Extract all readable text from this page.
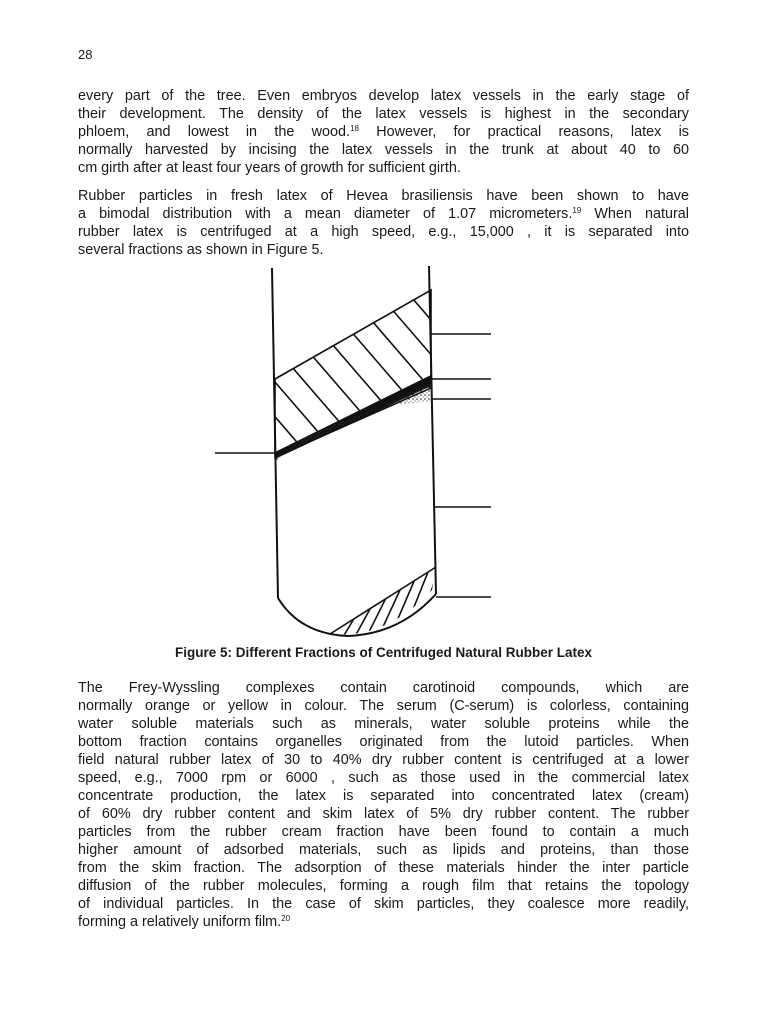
28

every part of the tree. Even embryos develop latex vessels in the early stage of
their development. The density of the latex vessels is highest in the secondary
phloem, and lowest in the wood.$^{18}$ However, for practical reasons, latex is
normally harvested by incising the latex vessels in the trunk at about 40 to 60
cm girth after at least four years of growth for sufficient girth.

Rubber particles in fresh latex of Hevea brasiliensis have been shown to have
a bimodal distribution with a mean diameter of 1.07 micrometers.$^{19}$ When natural
rubber latex is centrifuged at a high speed, e.g., 15,000 , it is separated into
several fractions as shown in Figure 5.

Figure 5: Different Fractions of Centrifuged Natural Rubber Latex

The Frey-Wyssling complexes contain carotinoid compounds, which are
normally orange or yellow in colour. The serum (C-serum) is colorless, containing
water soluble materials such as minerals, water soluble proteins while the
bottom fraction contains organelles originated from the lutoid particles. When
field natural rubber latex of 30 to 40% dry rubber content is centrifuged at a lower
speed, e.g., 7000 rpm or 6000 , such as those used in the commercial latex
concentrate production, the latex is separated into concentrated latex (cream)
of 60% dry rubber content and skim latex of 5% dry rubber content. The rubber
particles from the rubber cream fraction have been found to contain a much
higher amount of adsorbed materials, such as lipids and proteins, than those
from the skim fraction. The adsorption of these materials hinder the inter particle
diffusion of the rubber molecules, forming a rough film that retains the topology
of individual particles. In the case of skim particles, they coalesce more readily,
forming a relatively uniform film.$^{20}$
